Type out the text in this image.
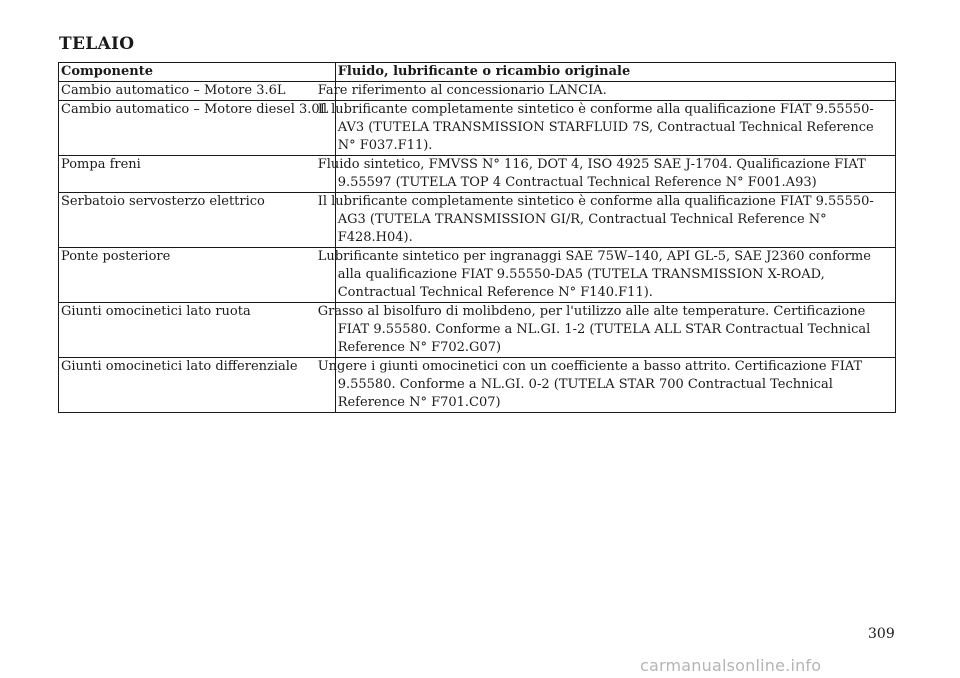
TELAIO
Componente	Fluido, lubrificante o ricambio originale
Cambio automatico – Motore 3.6L	Fare riferimento al concessionario LANCIA.
Cambio automatico – Motore diesel 3.0L	Il lubrificante completamente sintetico è conforme alla qualificazione FIAT 9.55550-AV3 (TUTELA TRANSMISSION STARFLUID 7S, Contractual Technical Reference N° F037.F11).
Pompa freni	Fluido sintetico, FMVSS N° 116, DOT 4, ISO 4925 SAE J-1704. Qualificazione FIAT 9.55597 (TUTELA TOP 4 Contractual Technical Reference N° F001.A93)
Serbatoio servosterzo elettrico	Il lubrificante completamente sintetico è conforme alla qualificazione FIAT 9.55550-AG3 (TUTELA TRANSMISSION GI/R, Contractual Technical Reference N° F428.H04).
Ponte posteriore	Lubrificante sintetico per ingranaggi SAE 75W–140, API GL-5, SAE J2360 conforme alla qualificazione FIAT 9.55550-DA5 (TUTELA TRANSMISSION X-ROAD, Contractual Technical Reference N° F140.F11).
Giunti omocinetici lato ruota	Grasso al bisolfuro di molibdeno, per l'utilizzo alle alte temperature. Certificazione FIAT 9.55580. Conforme a NL.GI. 1-2 (TUTELA ALL STAR Contractual Technical Reference N° F702.G07)
Giunti omocinetici lato differenziale	Ungere i giunti omocinetici con un coefficiente a basso attrito. Certificazione FIAT 9.55580. Conforme a NL.GI. 0-2 (TUTELA STAR 700 Contractual Technical Reference N° F701.C07)
309
carmanualsonline.info
